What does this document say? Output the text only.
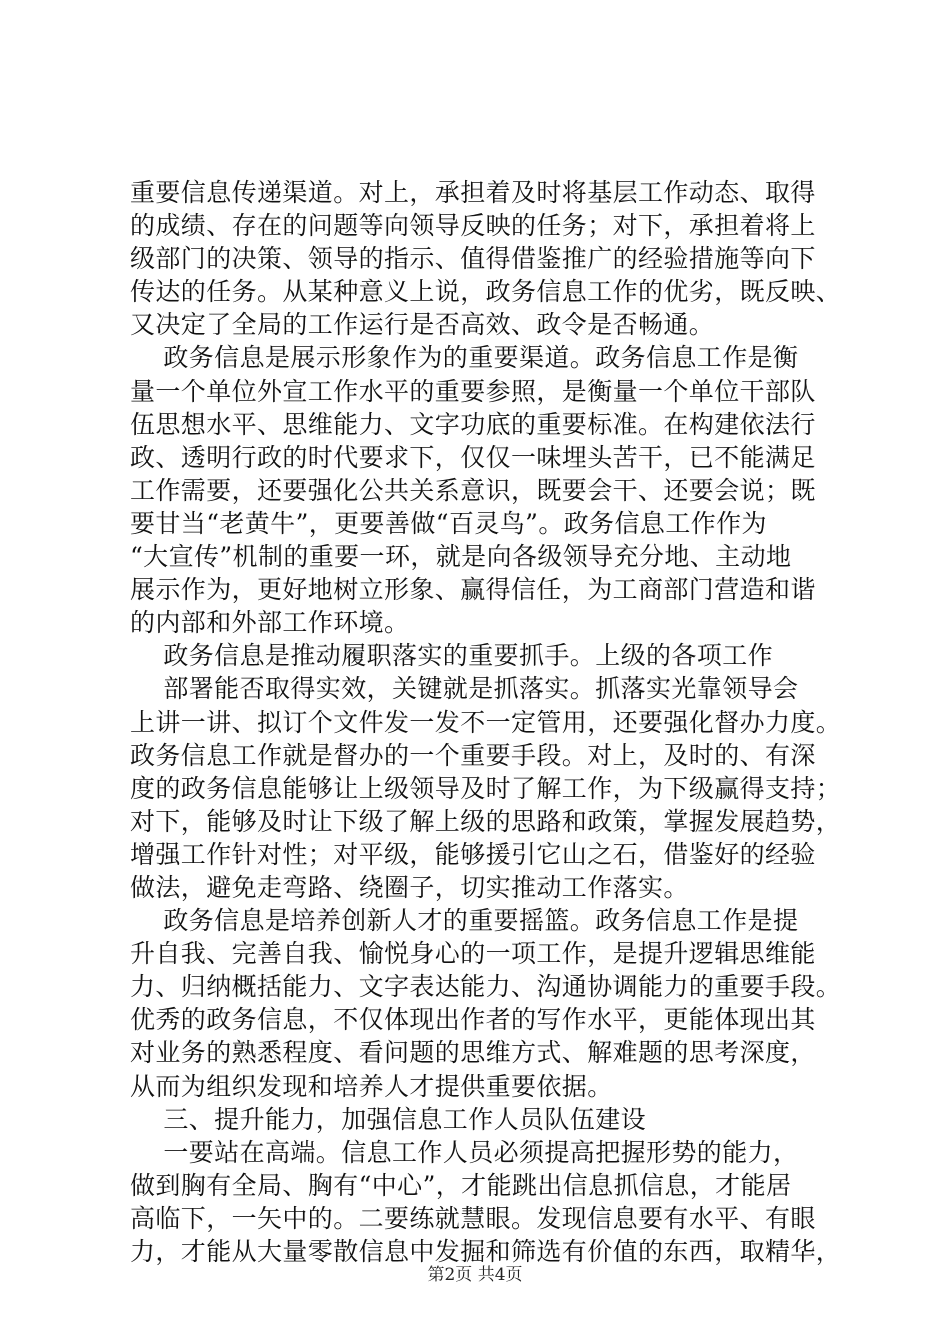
重要信息传递渠道。对上，承担着及时将基层工作动态、取得
的成绩、存在的问题等向领导反映的任务；对下，承担着将上
级部门的决策、领导的指示、值得借鉴推广的经验措施等向下
传达的任务。从某种意义上说，政务信息工作的优劣，既反映、
又决定了全局的工作运行是否高效、政令是否畅通。
政务信息是展示形象作为的重要渠道。政务信息工作是衡
量一个单位外宣工作水平的重要参照，是衡量一个单位干部队
伍思想水平、思维能力、文字功底的重要标准。在构建依法行
政、透明行政的时代要求下，仅仅一味埋头苦干，已不能满足
工作需要，还要强化公共关系意识，既要会干、还要会说；既
要甘当“老黄牛”，更要善做“百灵鸟”。政务信息工作作为
“大宣传”机制的重要一环，就是向各级领导充分地、主动地
展示作为，更好地树立形象、赢得信任，为工商部门营造和谐
的内部和外部工作环境。
政务信息是推动履职落实的重要抓手。上级的各项工作
部署能否取得实效，关键就是抓落实。抓落实光靠领导会
上讲一讲、拟订个文件发一发不一定管用，还要强化督办力度。
政务信息工作就是督办的一个重要手段。对上，及时的、有深
度的政务信息能够让上级领导及时了解工作，为下级赢得支持；
对下，能够及时让下级了解上级的思路和政策，掌握发展趋势，
增强工作针对性；对平级，能够援引它山之石，借鉴好的经验
做法，避免走弯路、绕圈子，切实推动工作落实。
政务信息是培养创新人才的重要摇篮。政务信息工作是提
升自我、完善自我、愉悦身心的一项工作，是提升逻辑思维能
力、归纳概括能力、文字表达能力、沟通协调能力的重要手段。
优秀的政务信息，不仅体现出作者的写作水平，更能体现出其
对业务的熟悉程度、看问题的思维方式、解难题的思考深度，
从而为组织发现和培养人才提供重要依据。
三、提升能力，加强信息工作人员队伍建设
一要站在高端。信息工作人员必须提高把握形势的能力，
做到胸有全局、胸有“中心”，才能跳出信息抓信息，才能居
高临下，一矢中的。二要练就慧眼。发现信息要有水平、有眼
力，才能从大量零散信息中发掘和筛选有价值的东西，取精华，
第2页 共4页
